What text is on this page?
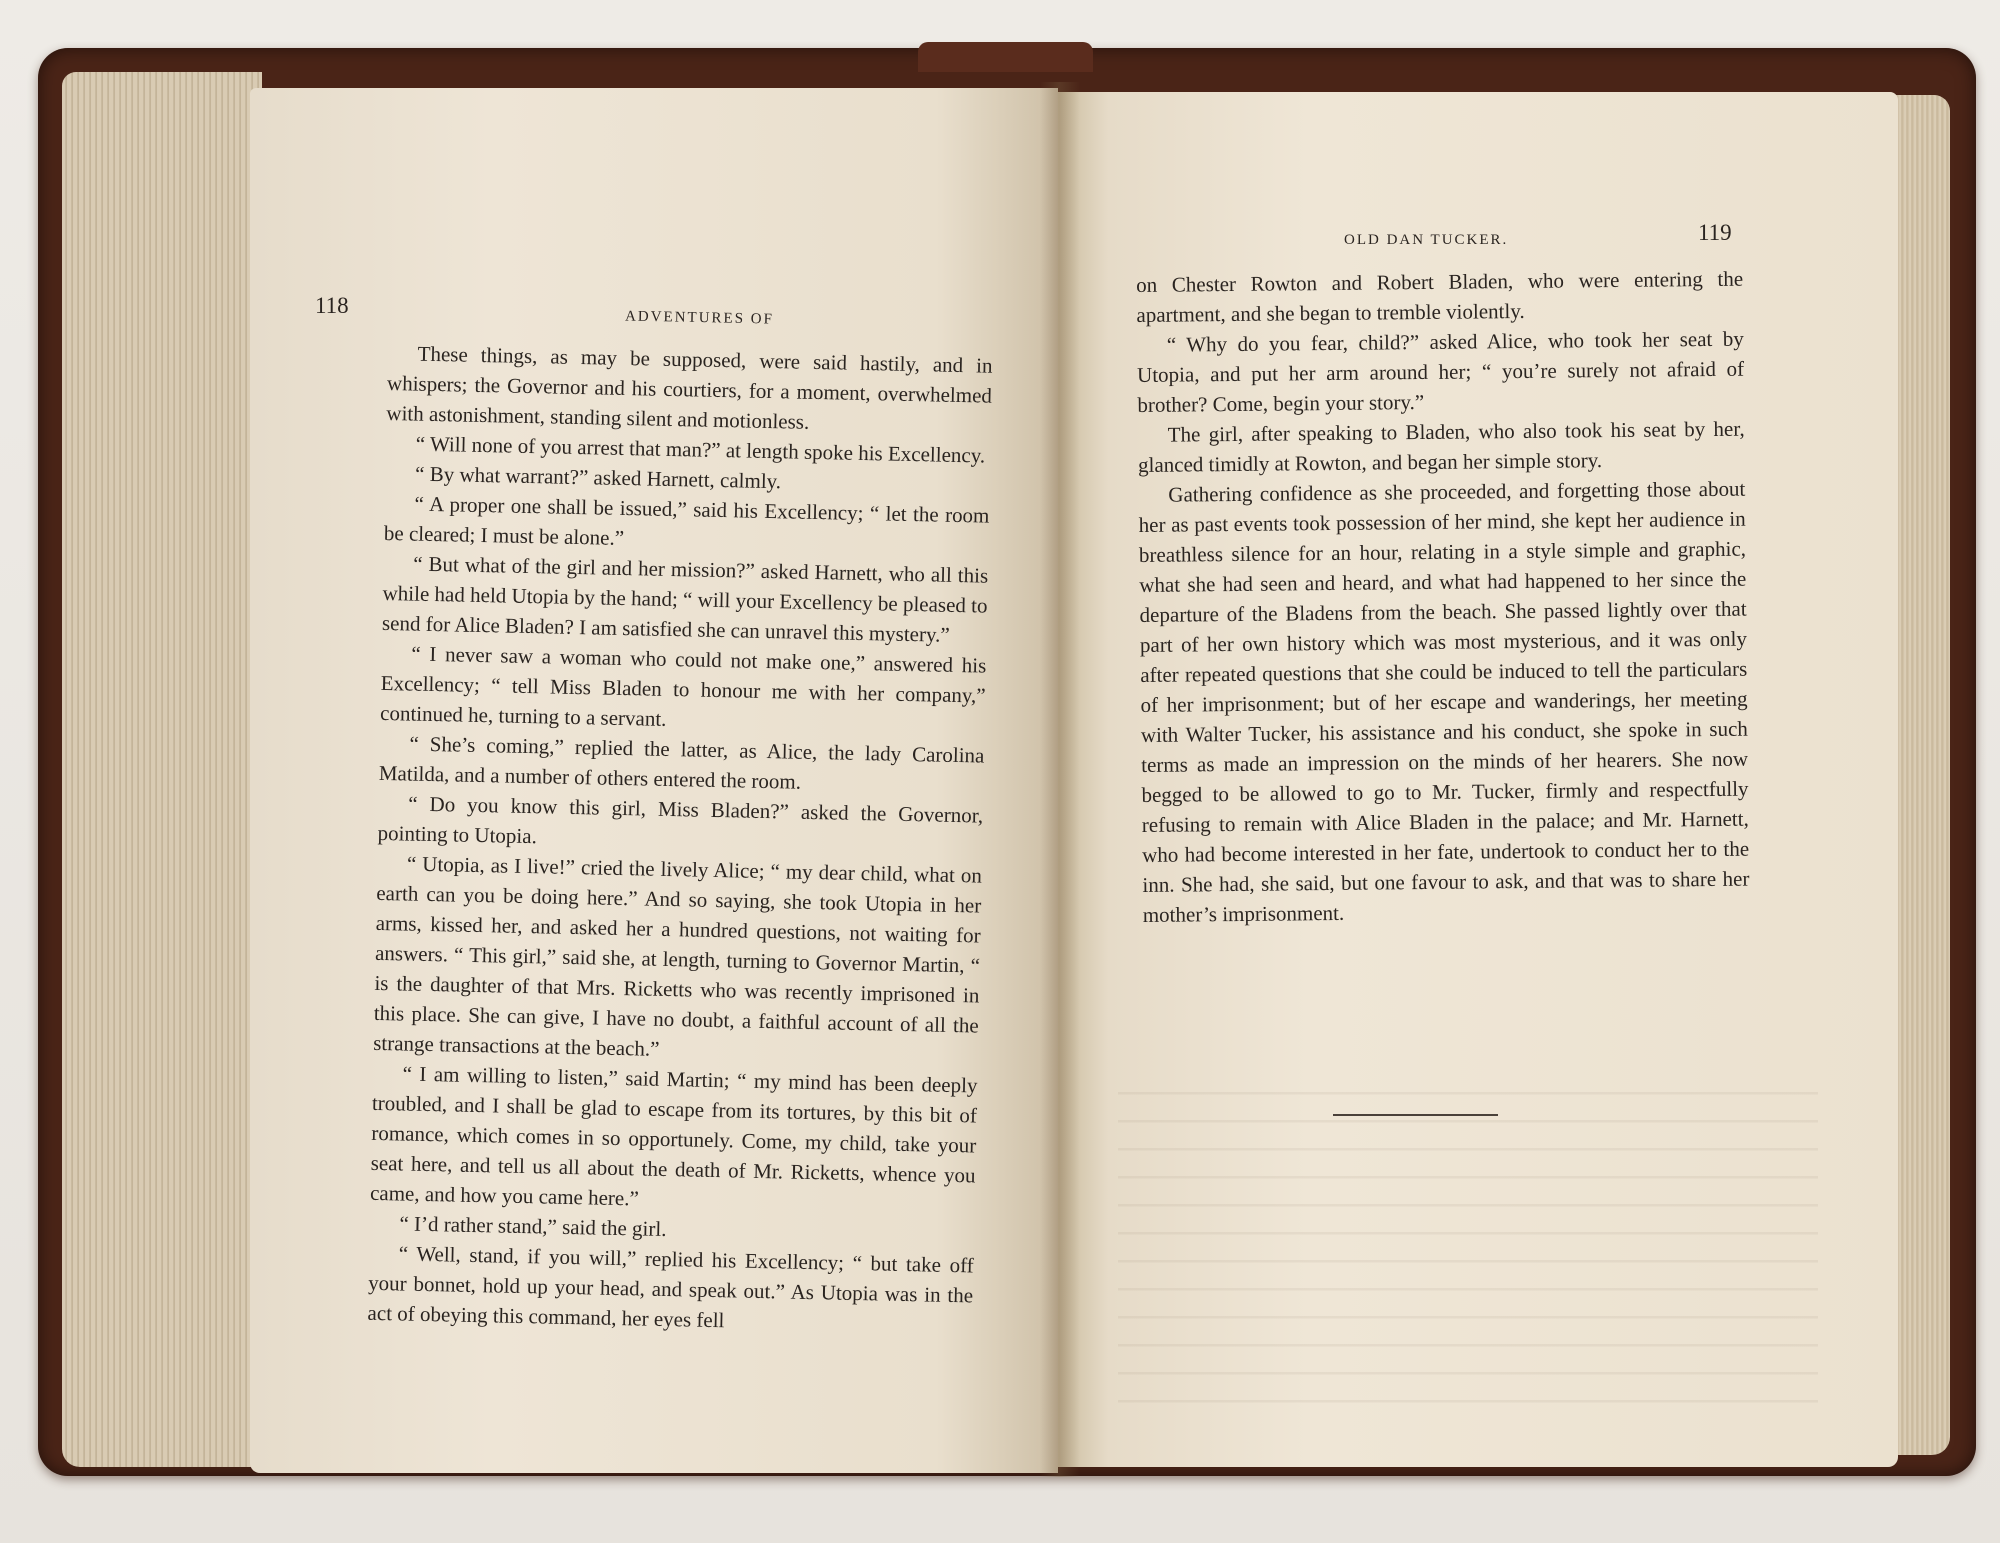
118
ADVENTURES OF

These things, as may be supposed, were said hastily, and in whispers; the Governor and his courtiers, for a moment, overwhelmed with astonishment, standing silent and motionless.

“ Will none of you arrest that man?” at length spoke his Excellency.

“ By what warrant?” asked Harnett, calmly.

“ A proper one shall be issued,” said his Excellency; “ let the room be cleared; I must be alone.”

“ But what of the girl and her mission?” asked Harnett, who all this while had held Utopia by the hand; “ will your Excellency be pleased to send for Alice Bladen? I am satisfied she can unravel this mystery.”

“ I never saw a woman who could not make one,” answered his Excellency; “ tell Miss Bladen to honour me with her company,” continued he, turning to a servant.

“ She’s coming,” replied the latter, as Alice, the lady Carolina Matilda, and a number of others entered the room.

“ Do you know this girl, Miss Bladen?” asked the Governor, pointing to Utopia.

“ Utopia, as I live!” cried the lively Alice; “ my dear child, what on earth can you be doing here.” And so saying, she took Utopia in her arms, kissed her, and asked her a hundred questions, not waiting for answers. “ This girl,” said she, at length, turning to Governor Martin, “ is the daughter of that Mrs. Ricketts who was recently imprisoned in this place. She can give, I have no doubt, a faithful account of all the strange transactions at the beach.”

“ I am willing to listen,” said Martin; “ my mind has been deeply troubled, and I shall be glad to escape from its tortures, by this bit of romance, which comes in so opportunely. Come, my child, take your seat here, and tell us all about the death of Mr. Ricketts, whence you came, and how you came here.”

“ I’d rather stand,” said the girl.

“ Well, stand, if you will,” replied his Excellency; “ but take off your bonnet, hold up your head, and speak out.” As Utopia was in the act of obeying this command, her eyes fell

OLD DAN TUCKER.	119

on Chester Rowton and Robert Bladen, who were entering the apartment, and she began to tremble violently.

“ Why do you fear, child?” asked Alice, who took her seat by Utopia, and put her arm around her; “ you’re surely not afraid of brother? Come, begin your story.”

The girl, after speaking to Bladen, who also took his seat by her, glanced timidly at Rowton, and began her simple story.

Gathering confidence as she proceeded, and forgetting those about her as past events took possession of her mind, she kept her audience in breathless silence for an hour, relating in a style simple and graphic, what she had seen and heard, and what had happened to her since the departure of the Bladens from the beach. She passed lightly over that part of her own history which was most mysterious, and it was only after repeated questions that she could be induced to tell the particulars of her imprisonment; but of her escape and wanderings, her meeting with Walter Tucker, his assistance and his conduct, she spoke in such terms as made an impression on the minds of her hearers. She now begged to be allowed to go to Mr. Tucker, firmly and respectfully refusing to remain with Alice Bladen in the palace; and Mr. Harnett, who had become interested in her fate, undertook to conduct her to the inn. She had, she said, but one favour to ask, and that was to share her mother’s imprisonment.
